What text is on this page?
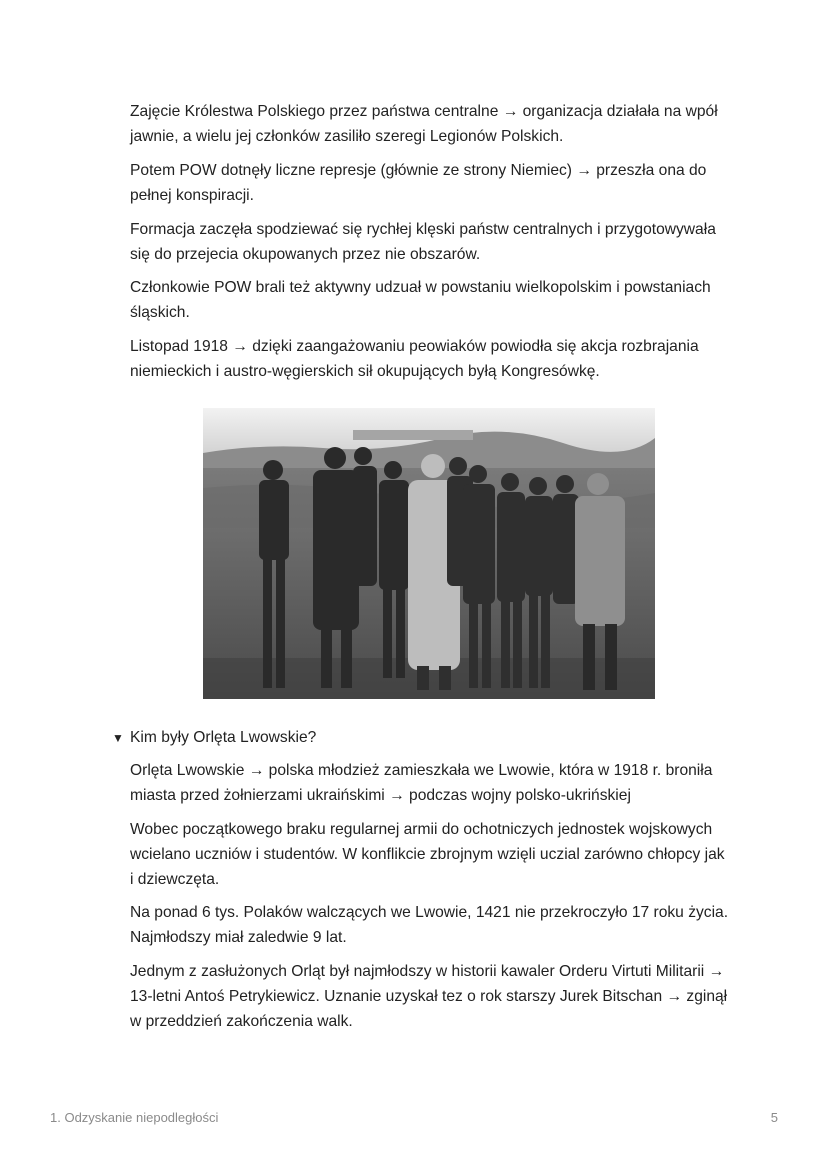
Zajęcie Królestwa Polskiego przez państwa centralne → organizacja działała na wpół jawnie, a wielu jej członków zasiliło szeregi Legionów Polskich.

Potem POW dotnęły liczne represje (głównie ze strony Niemiec) → przeszła ona do pełnej konspiracji.

Formacja zaczęła spodziewać się rychłej klęski państw centralnych i przygotowywała się do przejecia okupowanych przez nie obszarów.

Członkowie POW brali też aktywny udzuał w powstaniu wielkopolskim i powstaniach śląskich.

Listopad 1918 → dzięki zaangażowaniu peowiaków powiodła się akcja rozbrajania niemieckich i austro-węgierskich sił okupujących byłą Kongresówkę.

▼ Kim były Orlęta Lwowskie?

Orlęta Lwowskie → polska młodzież zamieszkała we Lwowie, która w 1918 r. broniła miasta przed żołnierzami ukraińskimi → podczas wojny polsko-ukrińskiej

Wobec początkowego braku regularnej armii do ochotniczych jednostek wojskowych wcielano uczniów i studentów. W konflikcie zbrojnym wzięli uczial zarówno chłopcy jak i dziewczęta.

Na ponad 6 tys. Polaków walczących we Lwowie, 1421 nie przekroczyło 17 roku życia. Najmłodszy miał zaledwie 9 lat.

Jednym z zasłużonych Orląt był najmłodszy w historii kawaler Orderu Virtuti Militarii → 13-letni Antoś Petrykiewicz. Uznanie uzyskał tez o rok starszy Jurek Bitschan → zginął w przeddzień zakończenia walk.

1. Odzyskanie niepodległości	5
